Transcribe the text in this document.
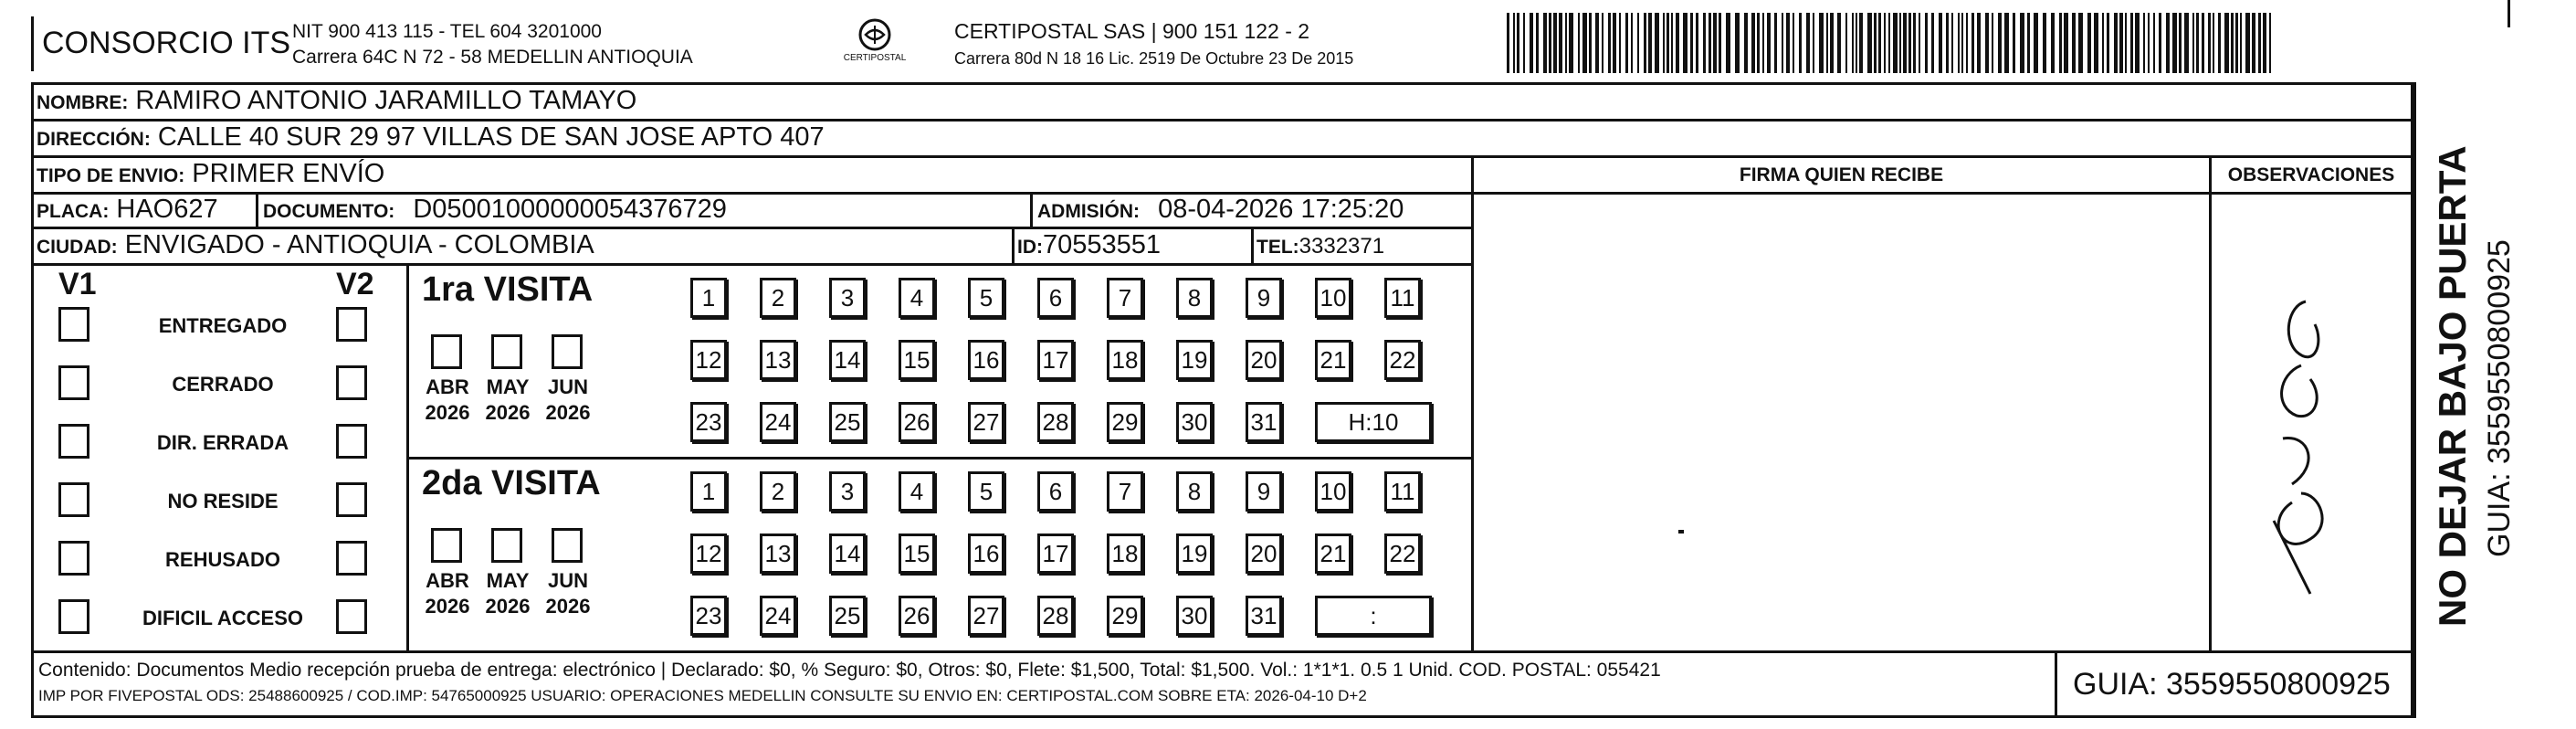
CONSORCIO ITS NIT 900 413 115 - TEL 604 3201000
Carrera 64C N 72 - 58 MEDELLIN ANTIOQUIA	CERTIPOSTAL
CERTIPOSTAL SAS | 900 151 122 - 2
Carrera 80d N 18 16 Lic. 2519 De Octubre 23 De 2015
NOMBRE: RAMIRO ANTONIO JARAMILLO TAMAYO
DIRECCIÓN: CALLE 40 SUR 29 97 VILLAS DE SAN JOSE APTO 407
TIPO DE ENVIO: PRIMER ENVÍO	FIRMA QUIEN RECIBE	OBSERVACIONES
PLACA: HAO627 DOCUMENTO: D05001000000054376729	ADMISIÓN: 08-04-2026 17:25:20
CIUDAD: ENVIGADO - ANTIOQUIA - COLOMBIA	ID:70553551	TEL:3332371
V1	V2
ENTREGADO
CERRADO
DIR. ERRADA
NO RESIDE
REHUSADO
DIFICIL ACCESO
1ra VISITA
ABR
2026
MAY
2026
JUN
2026
1	2	3	4	5	6	7	8	9	10 11
12 13 14 15 16 17 18 19 20 21 22
23 24 25 26 27 28 29 30 31	H:10
2da VISITA
ABR
2026
MAY
2026
JUN
2026
1	2	3	4	5	6	7	8	9	10 11
12 13 14 15 16 17 18 19 20 21 22
23 24 25 26 27 28 29 30 31	:
Contenido: Documentos Medio recepción prueba de entrega: electrónico | Declarado: $0, % Seguro: $0, Otros: $0, Flete: $1,500, Total: $1,500. Vol.: 1*1*1. 0.5 1 Unid. COD. POSTAL: 055421
IMP POR FIVEPOSTAL ODS: 25488600925 / COD.IMP: 54765000925 USUARIO: OPERACIONES MEDELLIN CONSULTE SU ENVIO EN: CERTIPOSTAL.COM SOBRE ETA: 2026-04-10 D+2	GUIA: 3559550800925
NO DEJAR BAJO PUERTA GUIA: 3559550800925
